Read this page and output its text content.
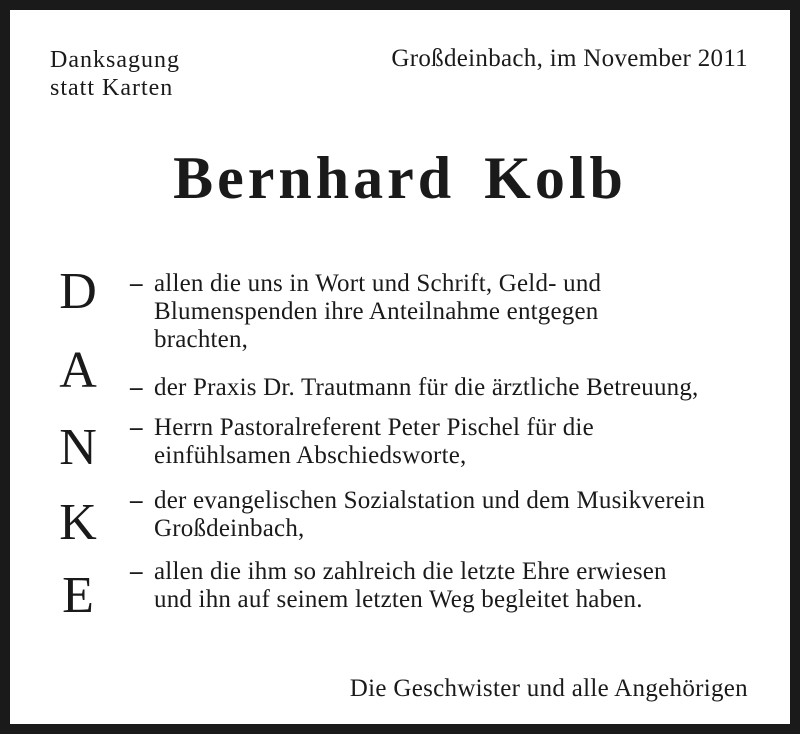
Danksagung
statt Karten
Großdeinbach, im November 2011
Bernhard Kolb
D
A
N
K
E
– allen die uns in Wort und Schrift, Geld- und
Blumenspenden ihre Anteilnahme entgegen
brachten,
– der Praxis Dr. Trautmann für die ärztliche Betreuung,
– Herrn Pastoralreferent Peter Pischel für die
einfühlsamen Abschiedsworte,
– der evangelischen Sozialstation und dem Musikverein
Großdeinbach,
– allen die ihm so zahlreich die letzte Ehre erwiesen
und ihn auf seinem letzten Weg begleitet haben.
Die Geschwister und alle Angehörigen
